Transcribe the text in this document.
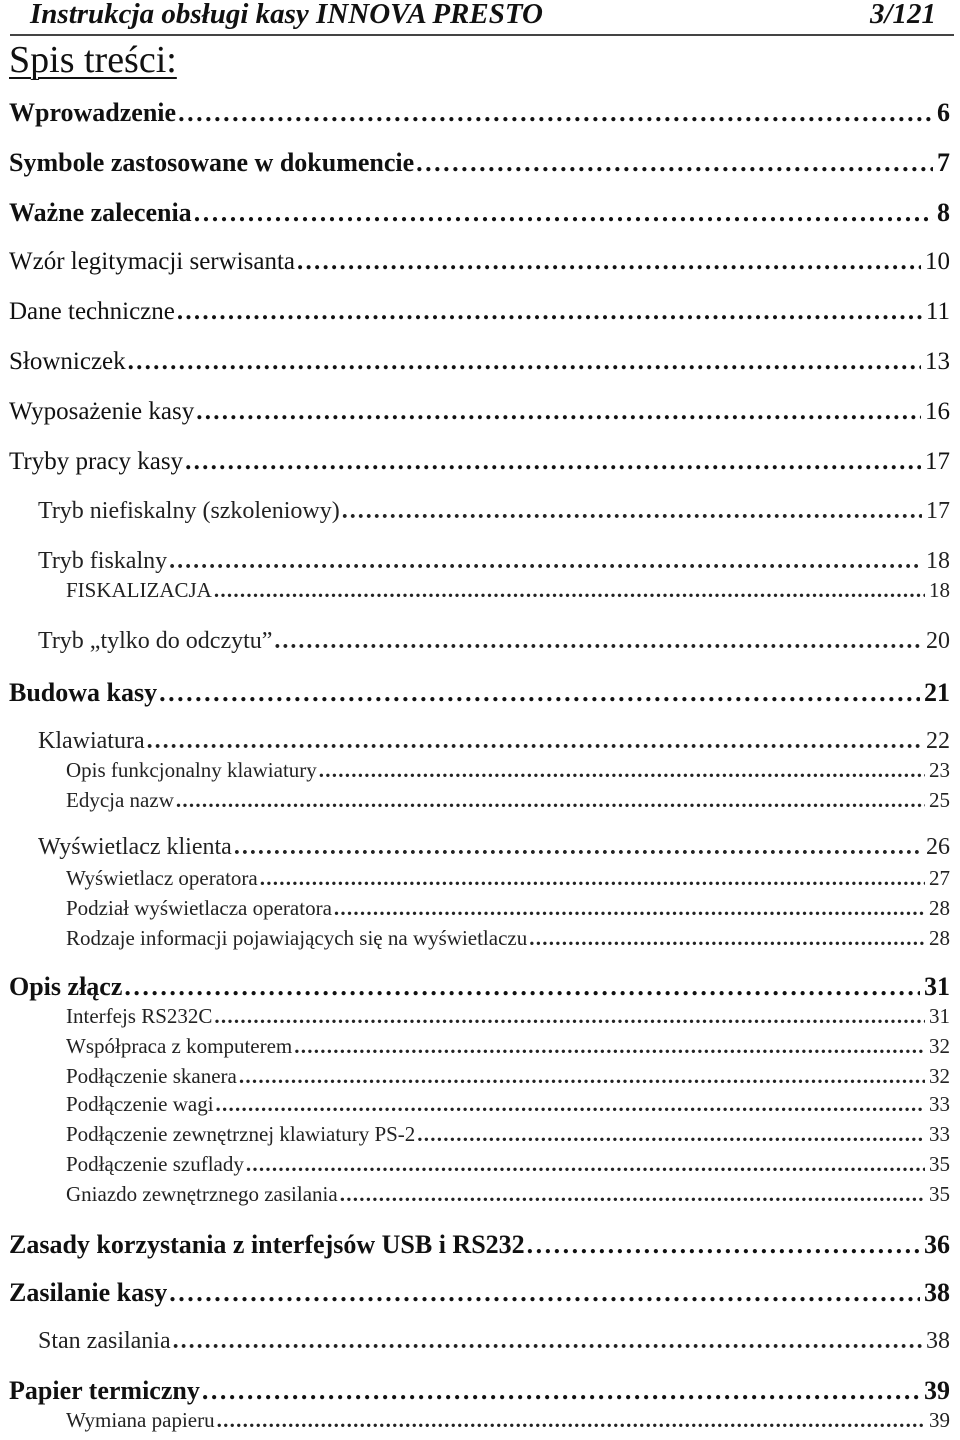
Instrukcja obsługi kasy INNOVA PRESTO	3/121
Spis treści:
Wprowadzenie . . .	6
Symbole zastosowane w dokumencie . . .	7
Ważne zalecenia . . .	8
Wzór legitymacji serwisanta . . .	10
Dane techniczne . . .	11
Słowniczek . . .	13
Wyposażenie kasy . . .	16
Tryby pracy kasy . . .	17
Tryb niefiskalny (szkoleniowy) . . .	17
Tryb fiskalny . . .	18
FISKALIZACJA . . .	18
Tryb „tylko do odczytu” . . .	20
Budowa kasy . . .	21
Klawiatura . . .	22
Opis funkcjonalny klawiatury . . .	23
Edycja nazw . . .	25
Wyświetlacz klienta . . .	26
Wyświetlacz operatora . . .	27
Podział wyświetlacza operatora . . .	28
Rodzaje informacji pojawiających się na wyświetlaczu . . .	28
Opis złącz . . .	31
Interfejs RS232C . . .	31
Współpraca z komputerem . . .	32
Podłączenie skanera . . .	32
Podłączenie wagi . . .	33
Podłączenie zewnętrznej klawiatury PS-2 . . .	33
Podłączenie szuflady . . .	35
Gniazdo zewnętrznego zasilania . . .	35
Zasady korzystania z interfejsów USB i RS232 . . .	36
Zasilanie kasy . . .	38
Stan zasilania . . .	38
Papier termiczny . . .	39
Wymiana papieru . . .	39
